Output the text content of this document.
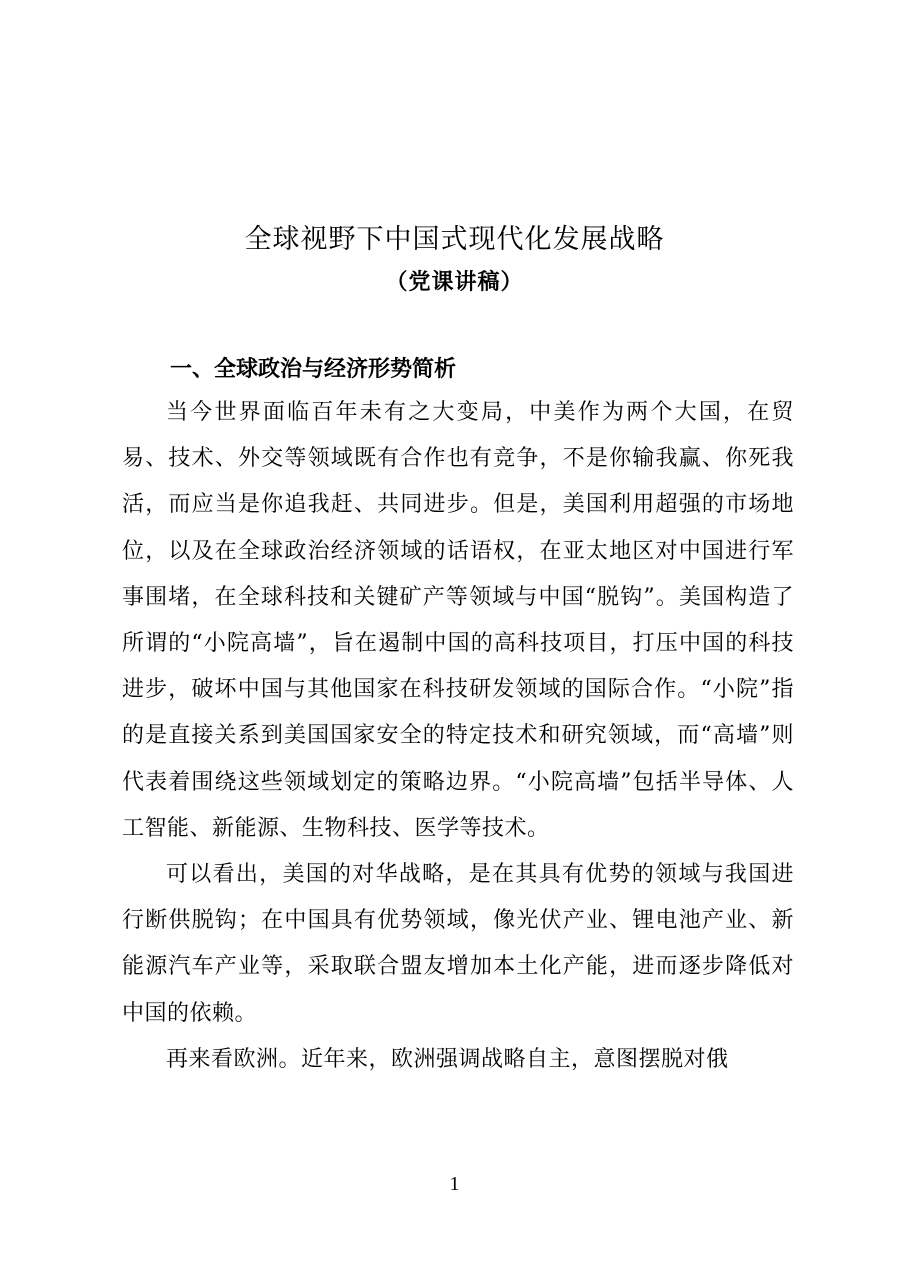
全球视野下中国式现代化发展战略
（党课讲稿）
一、全球政治与经济形势简析

当今世界面临百年未有之大变局，中美作为两个大国，在贸易、技术、外交等领域既有合作也有竞争，不是你输我赢、你死我活，而应当是你追我赶、共同进步。但是，美国利用超强的市场地位，以及在全球政治经济领域的话语权，在亚太地区对中国进行军事围堵，在全球科技和关键矿产等领域与中国“脱钩”。美国构造了所谓的“小院高墙”，旨在遏制中国的高科技项目，打压中国的科技进步，破坏中国与其他国家在科技研发领域的国际合作。“小院”指的是直接关系到美国国家安全的特定技术和研究领域，而“高墙”则代表着围绕这些领域划定的策略边界。“小院高墙”包括半导体、人工智能、新能源、生物科技、医学等技术。

可以看出，美国的对华战略，是在其具有优势的领域与我国进行断供脱钩；在中国具有优势领域，像光伏产业、锂电池产业、新能源汽车产业等，采取联合盟友增加本土化产能，进而逐步降低对中国的依赖。

再来看欧洲。近年来，欧洲强调战略自主，意图摆脱对俄

1
